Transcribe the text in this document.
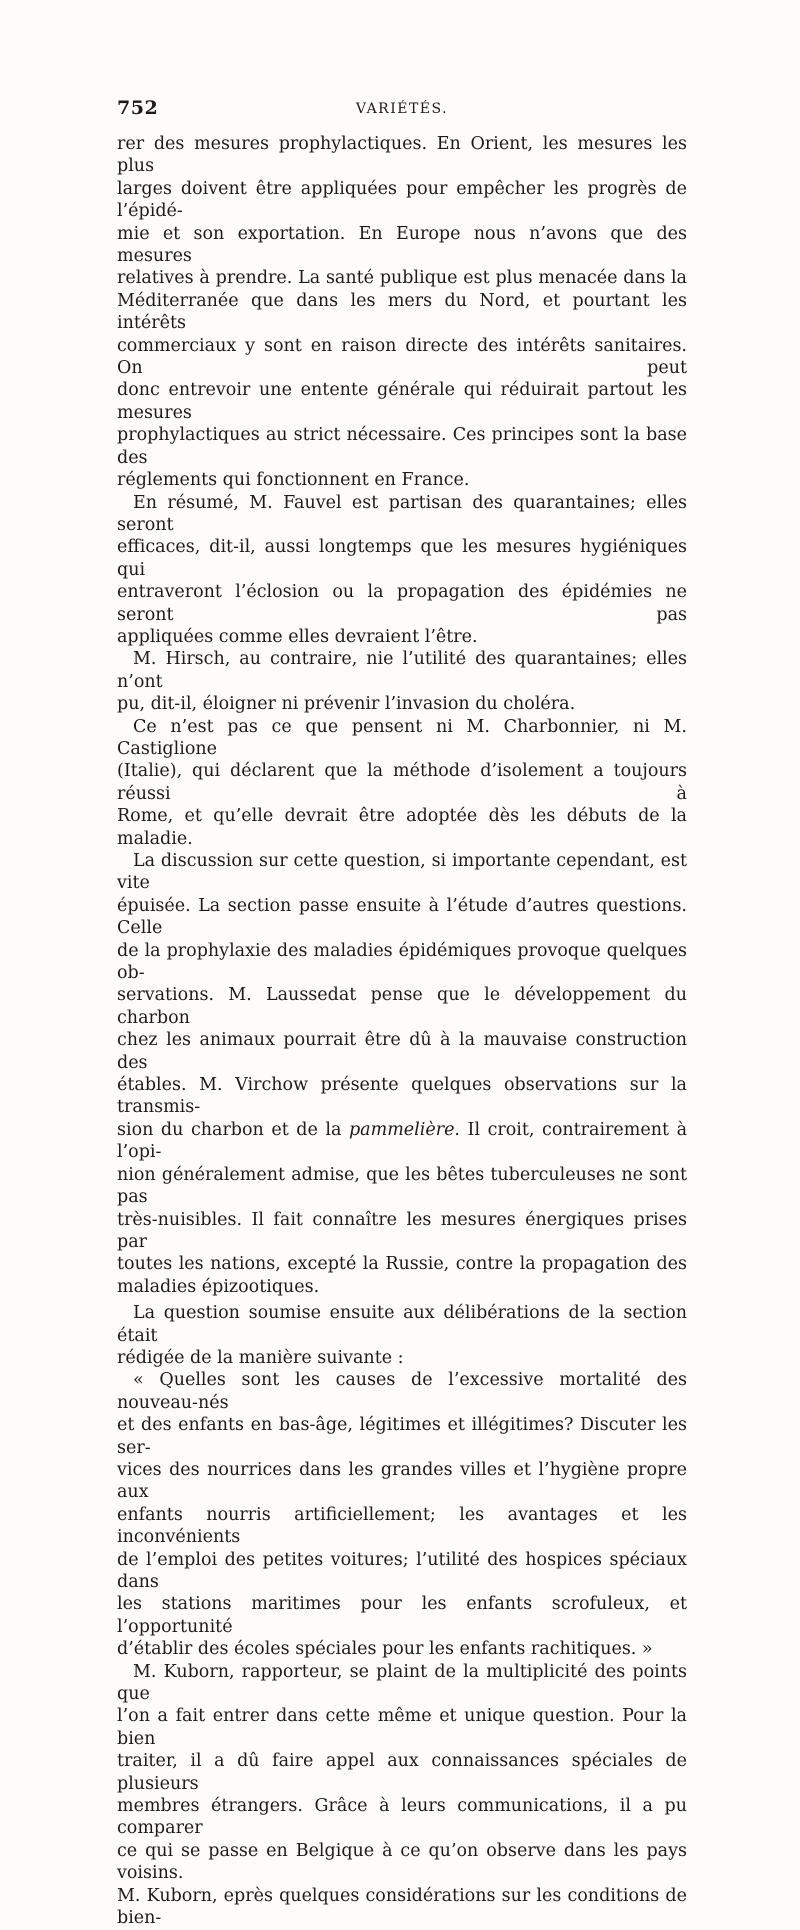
752	VARIÉTÉS.

rer des mesures prophylactiques. En Orient, les mesures les plus

larges doivent être appliquées pour empêcher les progrès de l’épidé-

mie et son exportation. En Europe nous n’avons que des mesures

relatives à prendre. La santé publique est plus menacée dans la

Méditerranée que dans les mers du Nord, et pourtant les intérêts

commerciaux y sont en raison directe des intérêts sanitaires. On peut

donc entrevoir une entente générale qui réduirait partout les mesures

prophylactiques au strict nécessaire. Ces principes sont la base des

réglements qui fonctionnent en France.

En résumé, M. Fauvel est partisan des quarantaines; elles seront

efficaces, dit-il, aussi longtemps que les mesures hygiéniques qui

entraveront l’éclosion ou la propagation des épidémies ne seront pas

appliquées comme elles devraient l’être.

M. Hirsch, au contraire, nie l’utilité des quarantaines; elles n’ont

pu, dit-il, éloigner ni prévenir l’invasion du choléra.

Ce n’est pas ce que pensent ni M. Charbonnier, ni M. Castiglione

(Italie), qui déclarent que la méthode d’isolement a toujours réussi à

Rome, et qu’elle devrait être adoptée dès les débuts de la maladie.

La discussion sur cette question, si importante cependant, est vite

épuisée. La section passe ensuite à l’étude d’autres questions. Celle

de la prophylaxie des maladies épidémiques provoque quelques ob-

servations. M. Laussedat pense que le développement du charbon

chez les animaux pourrait être dû à la mauvaise construction des

étables. M. Virchow présente quelques observations sur la transmis-

sion du charbon et de la pammelière. Il croit, contrairement à l’opi-

nion généralement admise, que les bêtes tuberculeuses ne sont pas

très-nuisibles. Il fait connaître les mesures énergiques prises par

toutes les nations, excepté la Russie, contre la propagation des

maladies épizootiques.

La question soumise ensuite aux délibérations de la section était

rédigée de la manière suivante :

« Quelles sont les causes de l’excessive mortalité des nouveau-nés

et des enfants en bas-âge, légitimes et illégitimes? Discuter les ser-

vices des nourrices dans les grandes villes et l’hygiène propre aux

enfants nourris artificiellement; les avantages et les inconvénients

de l’emploi des petites voitures; l’utilité des hospices spéciaux dans

les stations maritimes pour les enfants scrofuleux, et l’opportunité

d’établir des écoles spéciales pour les enfants rachitiques. »

M. Kuborn, rapporteur, se plaint de la multiplicité des points que

l’on a fait entrer dans cette même et unique question. Pour la bien

traiter, il a dû faire appel aux connaissances spéciales de plusieurs

membres étrangers. Grâce à leurs communications, il a pu comparer

ce qui se passe en Belgique à ce qu’on observe dans les pays voisins.

M. Kuborn, eprès quelques considérations sur les conditions de bien-
